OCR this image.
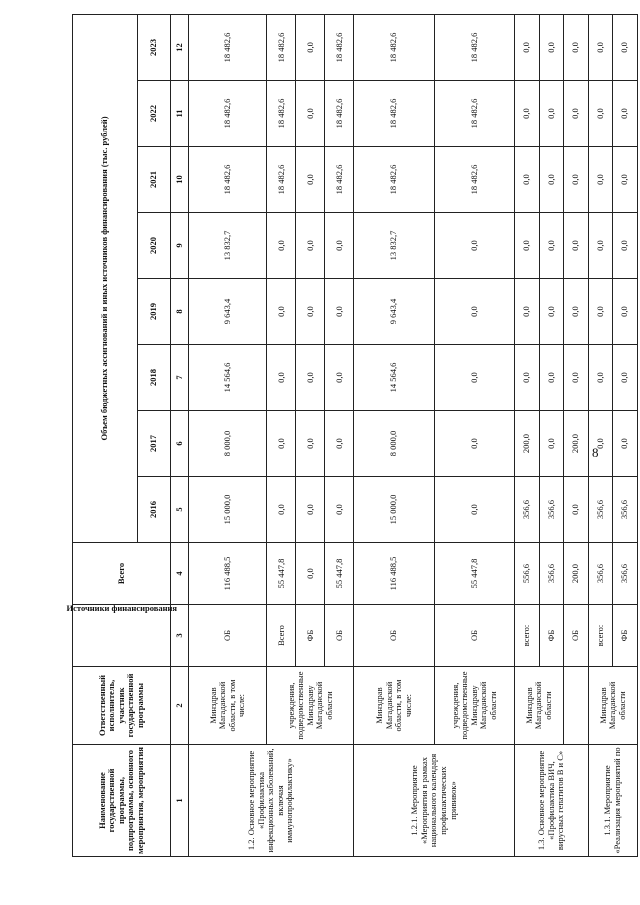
8
Наименование государственной программы, подпрограммы, основного мероприятия, мероприятия	Ответственный исполнитель, участник государственной программы	Источники финансирования	Всего	Объем бюджетных ассигнований и иных источников финансирования (тыс. рублей)							
				2016	2017	2018	2019	2020	2021	2022	2023
1	2	3	4	5	6	7	8	9	10	11	12
1.2. Основное мероприятие «Профилактика инфекционных заболеваний, включая иммунопрофилактику»	Минздрав Магаданской области, в том числе:	ОБ	116 488,5	15 000,0	8 000,0	14 564,6	9 643,4	13 832,7	18 482,6	18 482,6	18 482,6
	учреждения, подведомственные Минздраву Магаданской области	Всего	55 447,8	0,0	0,0	0,0	0,0	0,0	18 482,6	18 482,6	18 482,6
		ФБ	0,0	0,0	0,0	0,0	0,0	0,0	0,0	0,0	0,0
		ОБ	55 447,8	0,0	0,0	0,0	0,0	0,0	18 482,6	18 482,6	18 482,6
1.2.1. Мероприятие «Мероприятия в рамках национального календаря профилактических прививок»	Минздрав Магаданской области, в том числе:	ОБ	116 488,5	15 000,0	8 000,0	14 564,6	9 643,4	13 832,7	18 482,6	18 482,6	18 482,6
	учреждения, подведомственные Минздраву Магаданской области	ОБ	55 447,8	0,0	0,0	0,0	0,0	0,0	18 482,6	18 482,6	18 482,6
1.3. Основное мероприятие «Профилактика ВИЧ, вирусных гепатитов В и С»	Минздрав Магаданской области	всего:	556,6	356,6	200,0	0,0	0,0	0,0	0,0	0,0	0,0
		ФБ	356,6	356,6	0,0	0,0	0,0	0,0	0,0	0,0	0,0
		ОБ	200,0	0,0	200,0	0,0	0,0	0,0	0,0	0,0	0,0
1.3.1. Мероприятие «Реализация мероприятий по	Минздрав Магаданской области	всего:	356,6	356,6	0,0	0,0	0,0	0,0	0,0	0,0	0,0
		ФБ	356,6	356,6	0,0	0,0	0,0	0,0	0,0	0,0	0,0
